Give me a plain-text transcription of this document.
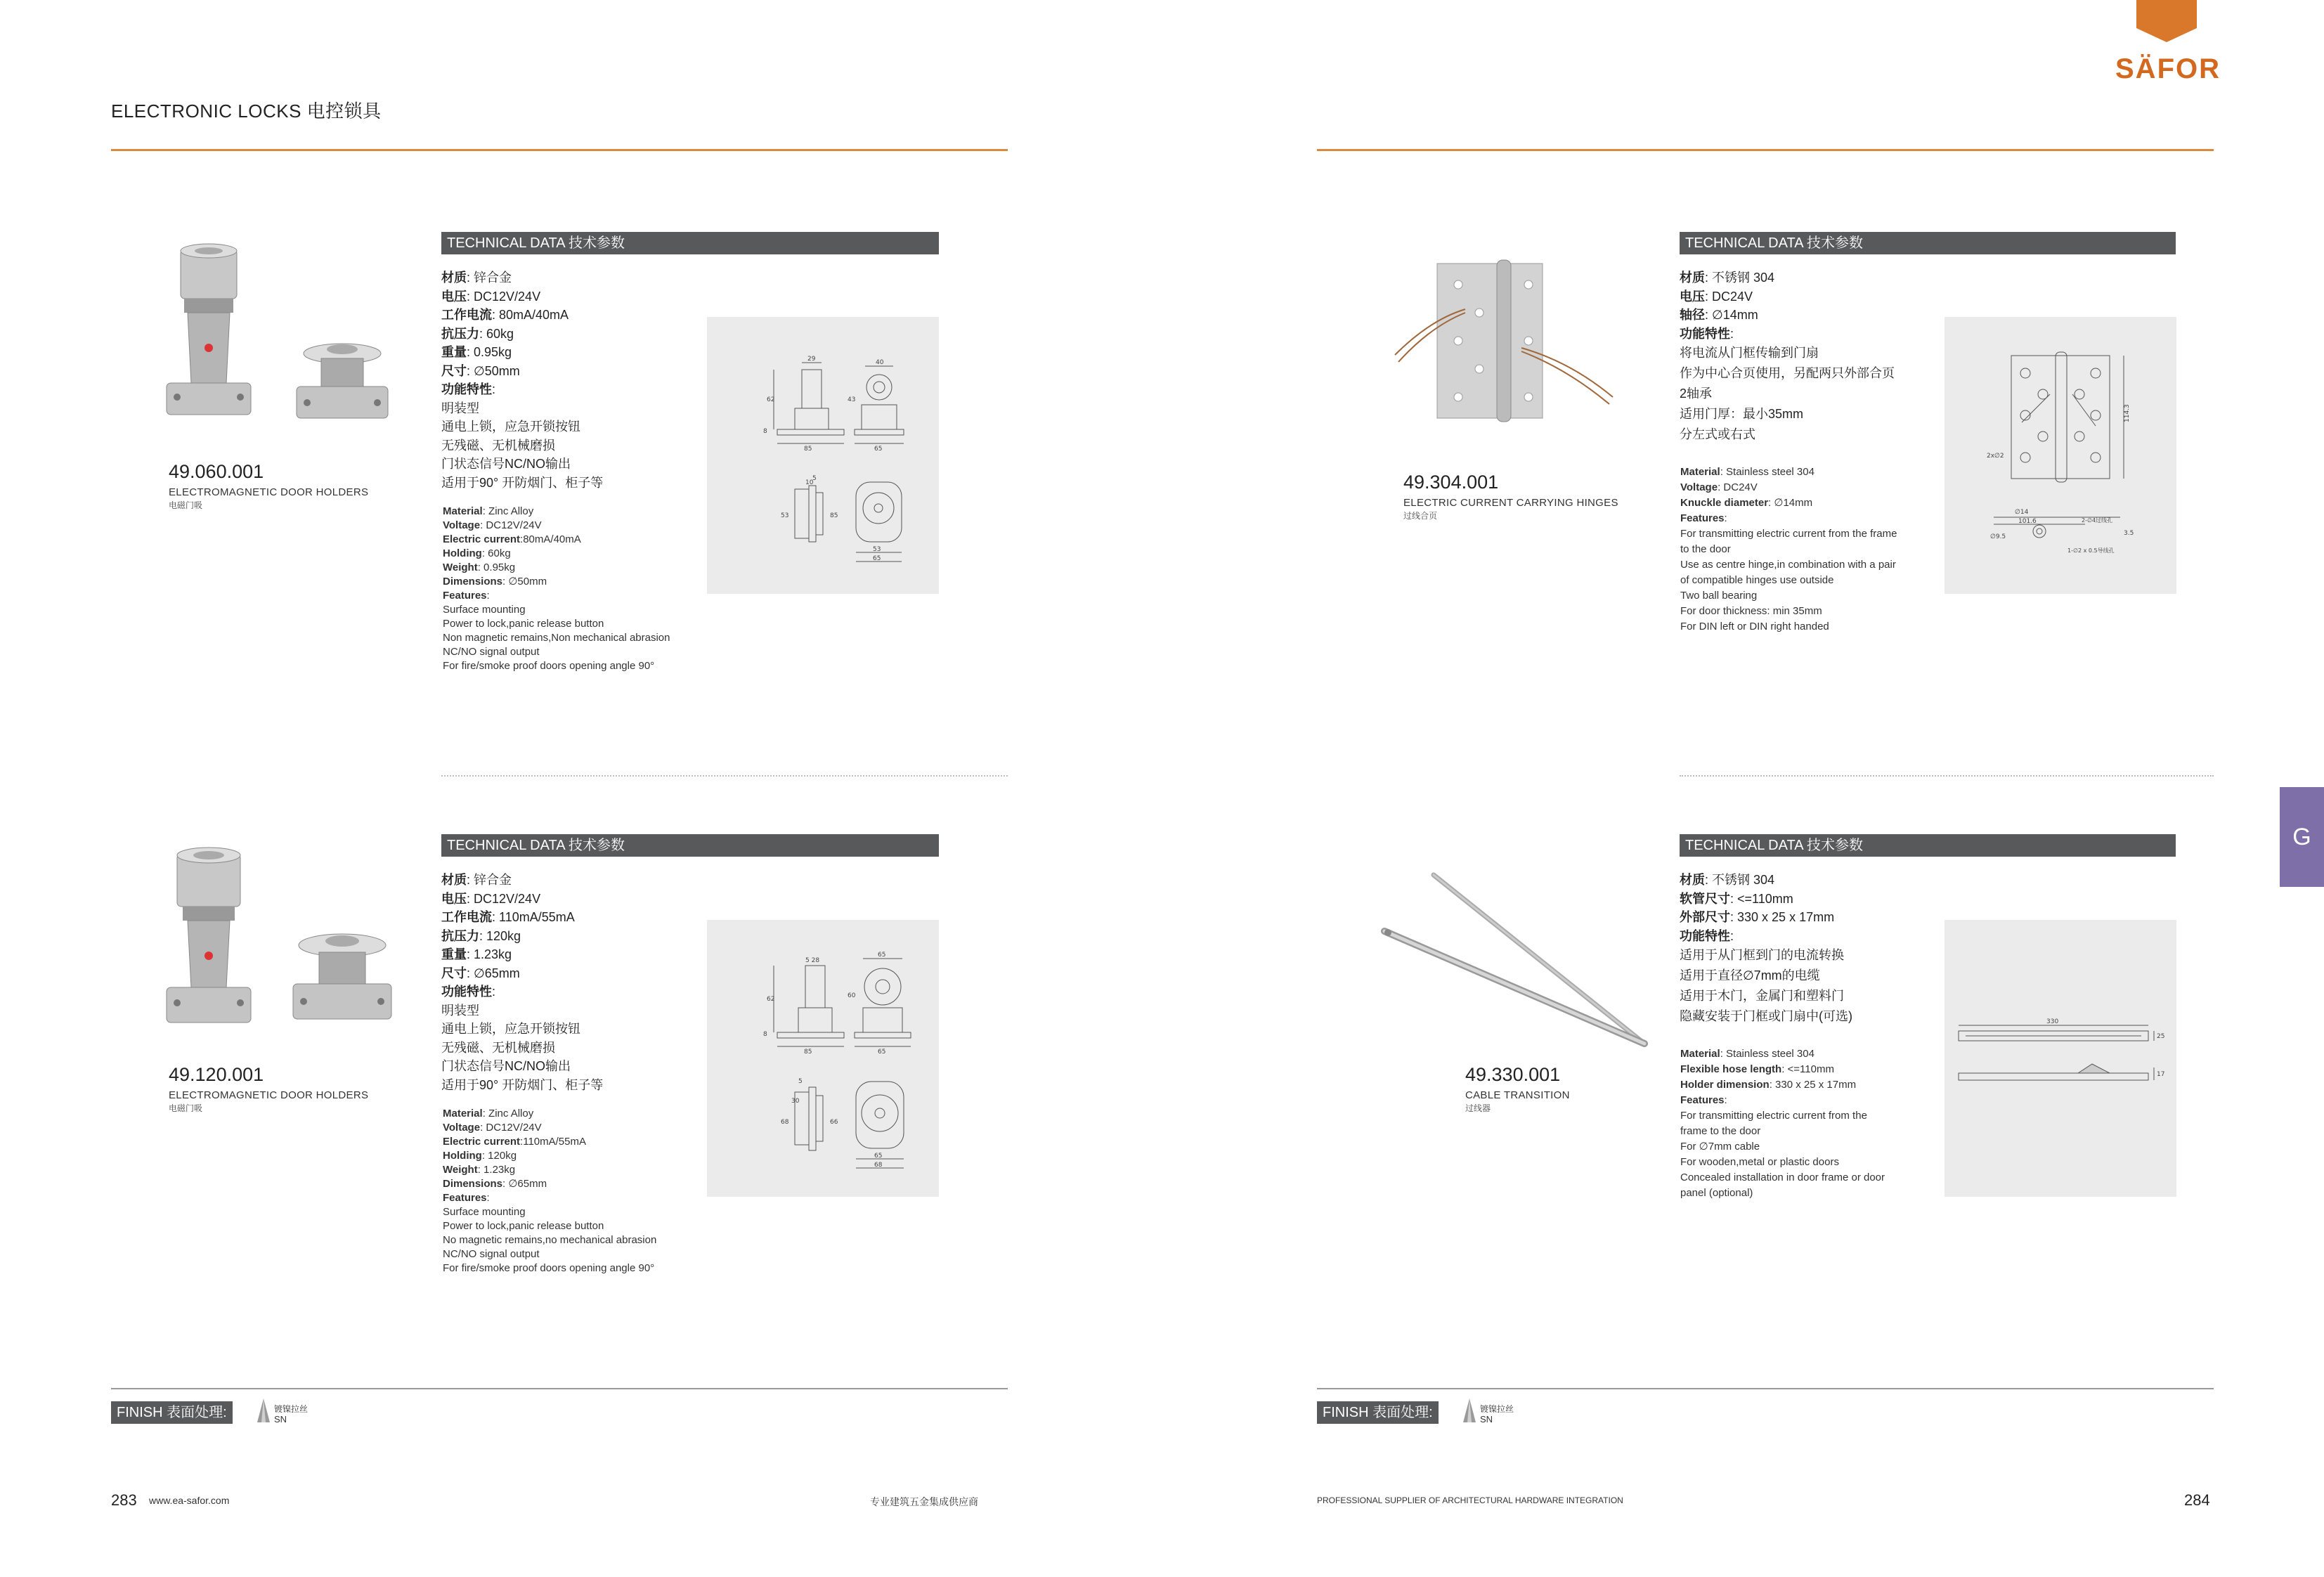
ELECTRONIC LOCKS 电控锁具
SÄFOR
G
49.060.001
ELECTROMAGNETIC DOOR HOLDERS
电磁门吸
TECHNICAL DATA 技术参数
材质: 锌合金
电压: DC12V/24V
工作电流: 80mA/40mA
抗压力: 60kg
重量: 0.95kg
尺寸: ∅50mm
功能特性:
明装型
通电上锁，应急开锁按钮
无残磁、无机械磨损
门状态信号NC/NO输出
适用于90° 开防烟门、柜子等
Material: Zinc Alloy
Voltage: DC12V/24V
Electric current:80mA/40mA
Holding: 60kg
Weight: 0.95kg
Dimensions: ∅50mm
Features:
Surface mounting
Power to lock,panic release button
Non magnetic remains,Non mechanical abrasion
NC/NO signal output
For fire/smoke proof doors opening angle 90°
29
62
85
8
40
43
65
5
10
53	85
53
65
49.120.001
ELECTROMAGNETIC DOOR HOLDERS
电磁门吸
TECHNICAL DATA 技术参数
材质: 锌合金
电压: DC12V/24V
工作电流: 110mA/55mA
抗压力: 120kg
重量: 1.23kg
尺寸: ∅65mm
功能特性:
明装型
通电上锁，应急开锁按钮
无残磁、无机械磨损
门状态信号NC/NO输出
适用于90° 开防烟门、柜子等
Material: Zinc Alloy
Voltage: DC12V/24V
Electric current:110mA/55mA
Holding: 120kg
Weight: 1.23kg
Dimensions: ∅65mm
Features:
Surface mounting
Power to lock,panic release button
No magnetic remains,no mechanical abrasion
NC/NO signal output
For fire/smoke proof doors opening angle 90°
5 28
62
8
85
65
60
65
5
30
68	66
65
68
49.304.001
ELECTRIC CURRENT CARRYING HINGES
过线合页
TECHNICAL DATA 技术参数
材质: 不锈钢 304
电压: DC24V
轴径: ∅14mm
功能特性:
将电流从门框传输到门扇
作为中心合页使用，另配两只外部合页
2轴承
适用门厚：最小35mm
分左式或右式
Material: Stainless steel 304
Voltage: DC24V
Knuckle diameter: ∅14mm
Features:
For transmitting electric current from the frame
to the door
Use as centre hinge,in combination with a pair
of compatible hinges use outside
Two ball bearing
For door thickness: min 35mm
For DIN left or DIN right handed
2x∅2
114.3
∅14
101.6
∅9.5
2-∅4过线孔
3.5
1-∅2 x 0.5导线孔
49.330.001
CABLE TRANSITION
过线器
TECHNICAL DATA 技术参数
材质: 不锈钢 304
软管尺寸: <=110mm
外部尺寸: 330 x 25 x 17mm
功能特性:
适用于从门框到门的电流转换
适用于直径∅7mm的电缆
适用于木门，金属门和塑料门
隐藏安装于门框或门扇中(可选)
Material: Stainless steel 304
Flexible hose length: <=110mm
Holder dimension: 330 x 25 x 17mm
Features:
For transmitting electric current from the
frame to the door
For ∅7mm cable
For wooden,metal or plastic doors
Concealed installation in door frame or door
panel (optional)
330
25
17
FINISH 表面处理:	镀镍拉丝
SN	FINISH 表面处理:	镀镍拉丝
SN
283 www.ea-safor.com	专业建筑五金集成供应商	PROFESSIONAL SUPPLIER OF ARCHITECTURAL HARDWARE INTEGRATION	284
